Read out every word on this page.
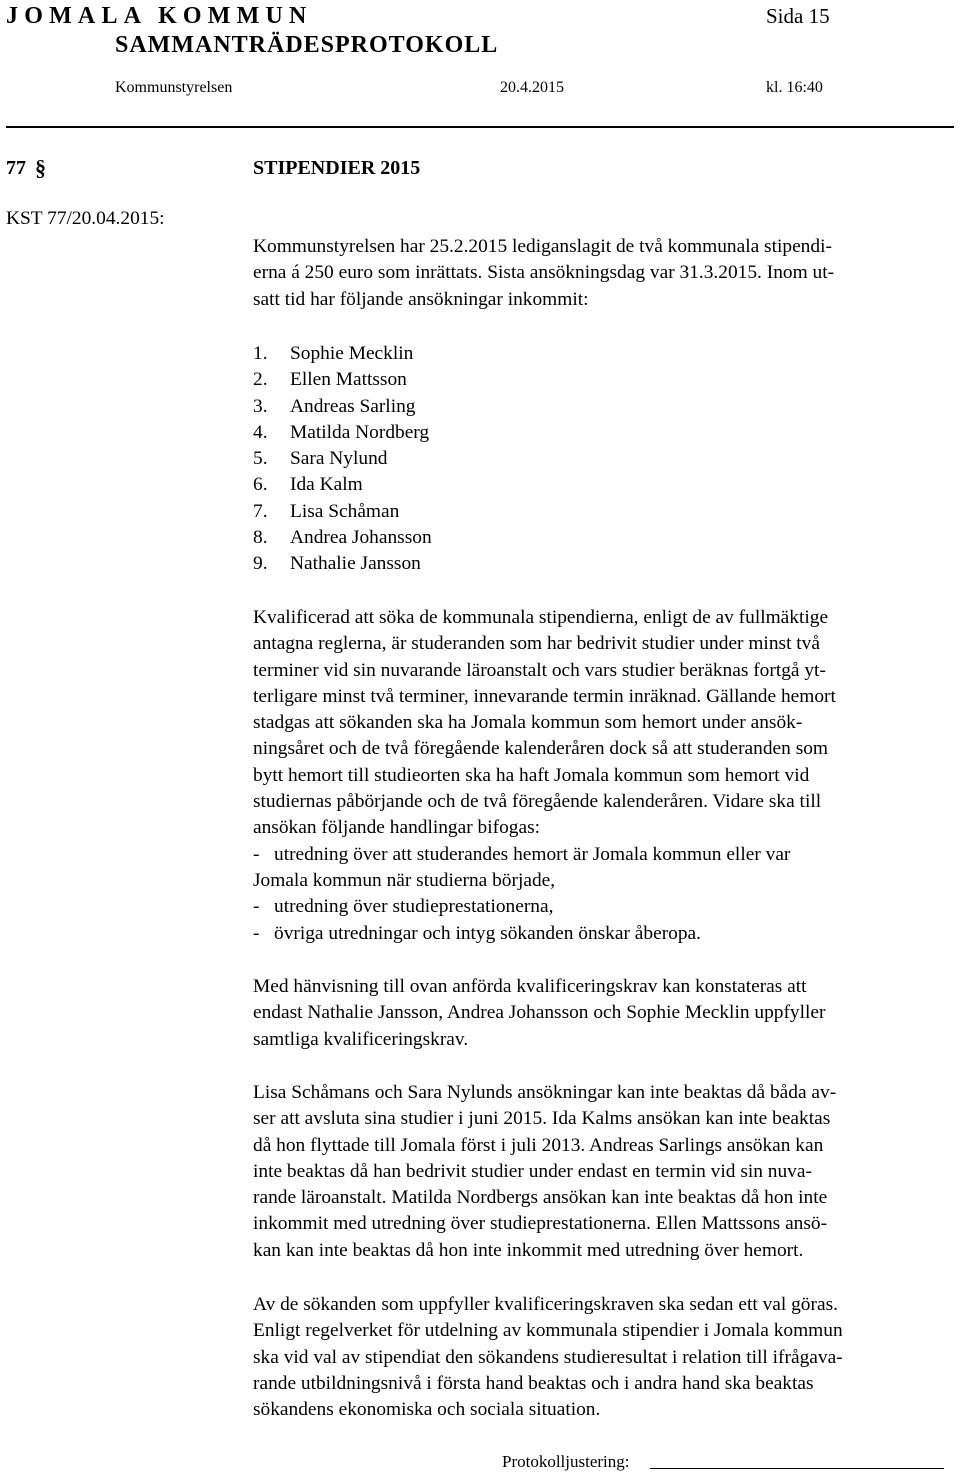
JOMALA KOMMUN
SAMMANTRÄDESPROTOKOLL
Sida 15
Kommunstyrelsen	20.4.2015	kl. 16:40
77 §	STIPENDIER 2015
KST 77/20.04.2015:
Kommunstyrelsen har 25.2.2015 lediganslagit de två kommunala stipendi-
erna á 250 euro som inrättats. Sista ansökningsdag var 31.3.2015. Inom ut-
satt tid har följande ansökningar inkommit:
1. Sophie Mecklin
2. Ellen Mattsson
3. Andreas Sarling
4. Matilda Nordberg
5. Sara Nylund
6. Ida Kalm
7. Lisa Schåman
8. Andrea Johansson
9. Nathalie Jansson
Kvalificerad att söka de kommunala stipendierna, enligt de av fullmäktige
antagna reglerna, är studeranden som har bedrivit studier under minst två
terminer vid sin nuvarande läroanstalt och vars studier beräknas fortgå yt-
terligare minst två terminer, innevarande termin inräknad. Gällande hemort
stadgas att sökanden ska ha Jomala kommun som hemort under ansök-
ningsåret och de två föregående kalenderåren dock så att studeranden som
bytt hemort till studieorten ska ha haft Jomala kommun som hemort vid
studiernas påbörjande och de två föregående kalenderåren. Vidare ska till
ansökan följande handlingar bifogas:
-   utredning över att studerandes hemort är Jomala kommun eller var
Jomala kommun när studierna började,
-   utredning över studieprestationerna,
-   övriga utredningar och intyg sökanden önskar åberopa.
Med hänvisning till ovan anförda kvalificeringskrav kan konstateras att
endast Nathalie Jansson, Andrea Johansson och Sophie Mecklin uppfyller
samtliga kvalificeringskrav.
Lisa Schåmans och Sara Nylunds ansökningar kan inte beaktas då båda av-
ser att avsluta sina studier i juni 2015. Ida Kalms ansökan kan inte beaktas
då hon flyttade till Jomala först i juli 2013. Andreas Sarlings ansökan kan
inte beaktas då han bedrivit studier under endast en termin vid sin nuva-
rande läroanstalt. Matilda Nordbergs ansökan kan inte beaktas då hon inte
inkommit med utredning över studieprestationerna. Ellen Mattssons ansö-
kan kan inte beaktas då hon inte inkommit med utredning över hemort.
Av de sökanden som uppfyller kvalificeringskraven ska sedan ett val göras.
Enligt regelverket för utdelning av kommunala stipendier i Jomala kommun
ska vid val av stipendiat den sökandens studieresultat i relation till ifrågava-
rande utbildningsnivå i första hand beaktas och i andra hand ska beaktas
sökandens ekonomiska och sociala situation.
Protokolljustering:
